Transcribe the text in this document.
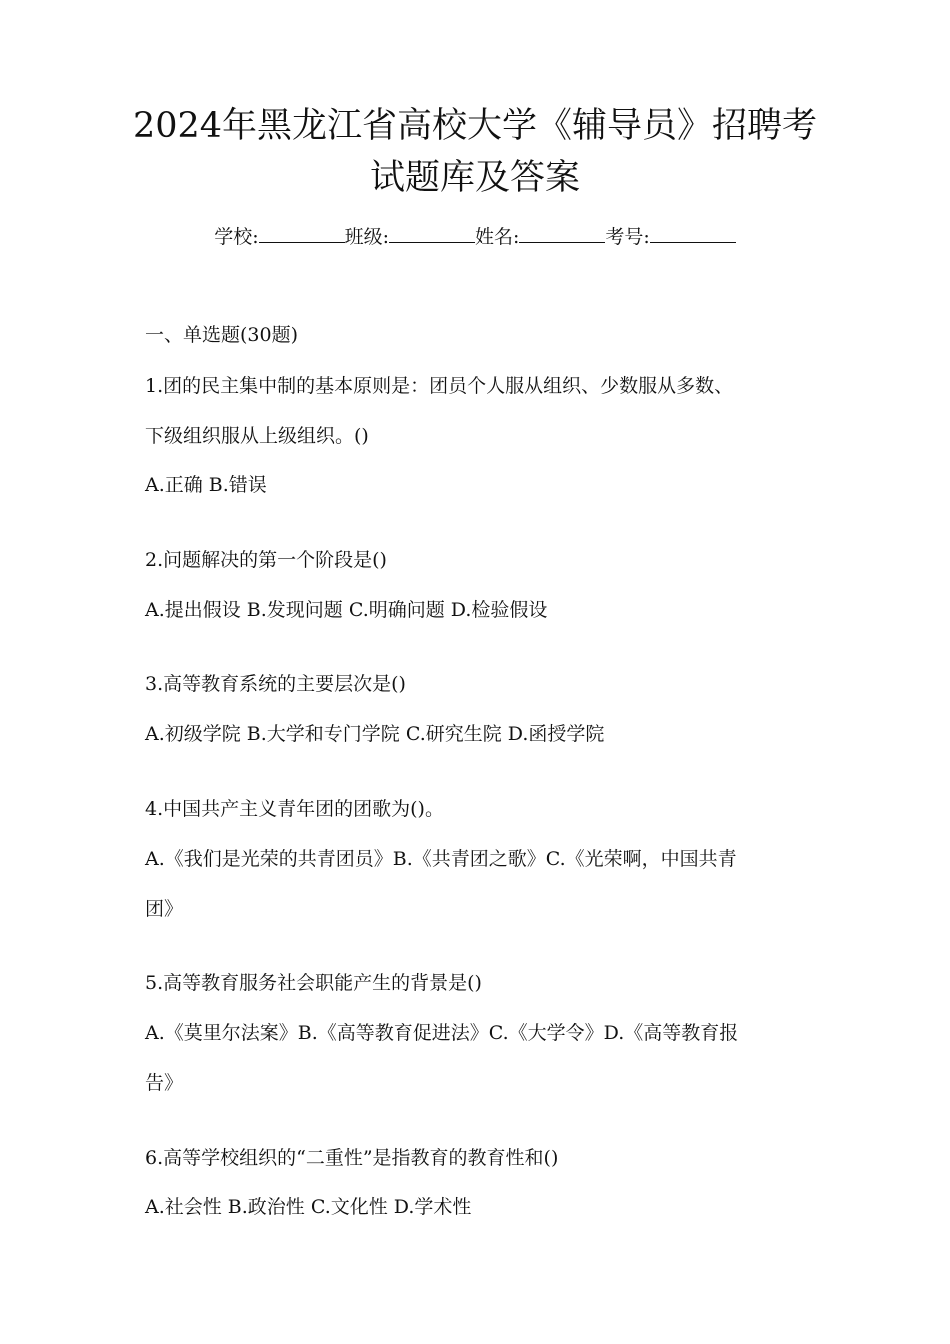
2024年黑龙江省高校大学《辅导员》招聘考
试题库及答案
学校:	班级:	姓名:	考号:
一、单选题(30题)
1.团的民主集中制的基本原则是：团员个人服从组织、少数服从多数、
下级组织服从上级组织。()
A.正确 B.错误
2.问题解决的第一个阶段是()
A.提出假设 B.发现问题 C.明确问题 D.检验假设
3.高等教育系统的主要层次是()
A.初级学院 B.大学和专门学院 C.研究生院 D.函授学院
4.中国共产主义青年团的团歌为()。
A.《我们是光荣的共青团员》B.《共青团之歌》C.《光荣啊，中国共青
团》
5.高等教育服务社会职能产生的背景是()
A.《莫里尔法案》B.《高等教育促进法》C.《大学令》D.《高等教育报
告》
6.高等学校组织的“二重性”是指教育的教育性和()
A.社会性 B.政治性 C.文化性 D.学术性
